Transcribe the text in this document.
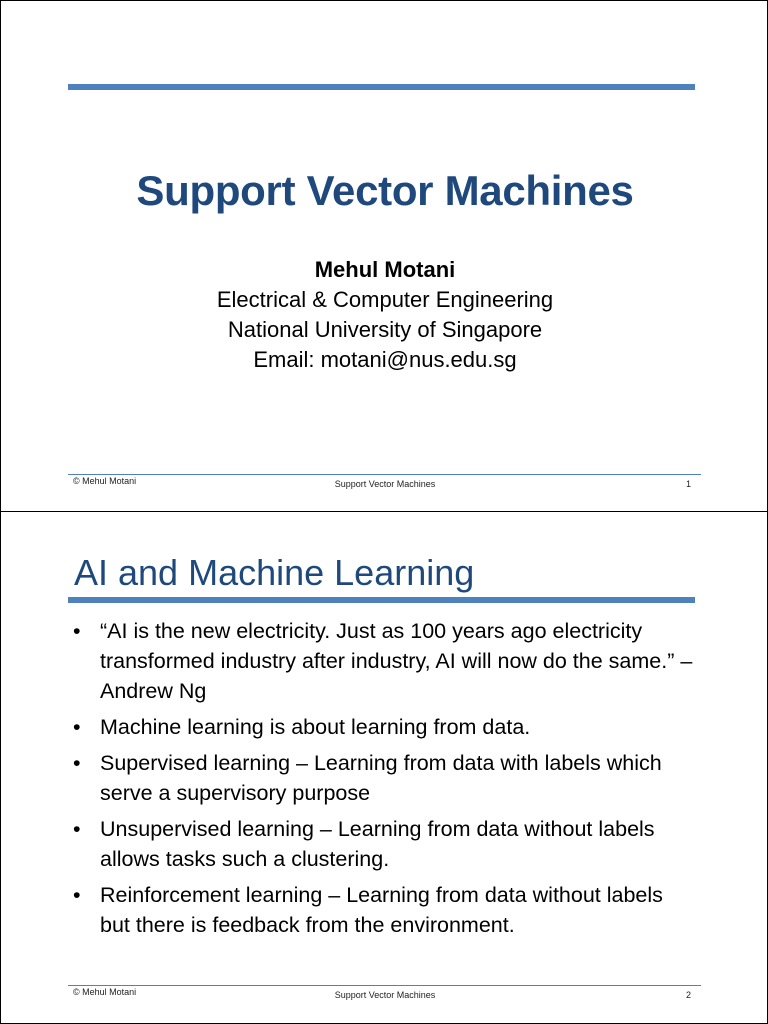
Support Vector Machines
Mehul Motani
Electrical & Computer Engineering
National University of Singapore
Email: motani@nus.edu.sg
© Mehul Motani	Support Vector Machines	1
AI and Machine Learning
• “AI is the new electricity. Just as 100 years ago electricity transformed industry after industry, AI will now do the same.” – Andrew Ng
• Machine learning is about learning from data.
• Supervised learning – Learning from data with labels which serve a supervisory purpose
• Unsupervised learning – Learning from data without labels allows tasks such a clustering.
• Reinforcement learning – Learning from data without labels but there is feedback from the environment.
© Mehul Motani	Support Vector Machines	2
